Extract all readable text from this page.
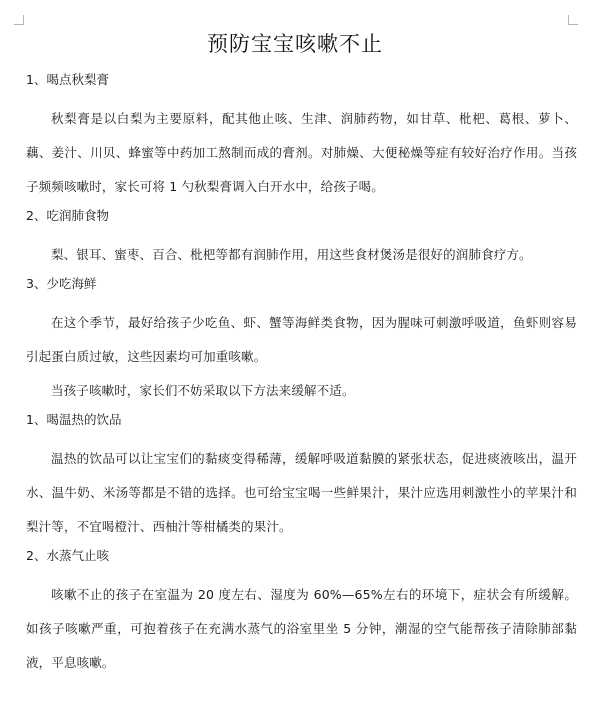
预防宝宝咳嗽不止
1、喝点秋梨膏
秋梨膏是以白梨为主要原料，配其他止咳、生津、润肺药物，如甘草、枇杷、葛根、萝卜、藕、姜汁、川贝、蜂蜜等中药加工熬制而成的膏剂。对肺燥、大便秘燥等症有较好治疗作用。当孩子频频咳嗽时，家长可将 1 勺秋梨膏调入白开水中，给孩子喝。
2、吃润肺食物
梨、银耳、蜜枣、百合、枇杷等都有润肺作用，用这些食材煲汤是很好的润肺食疗方。
3、少吃海鲜
在这个季节，最好给孩子少吃鱼、虾、蟹等海鲜类食物，因为腥味可刺激呼吸道，鱼虾则容易引起蛋白质过敏，这些因素均可加重咳嗽。
当孩子咳嗽时，家长们不妨采取以下方法来缓解不适。
1、喝温热的饮品
温热的饮品可以让宝宝们的黏痰变得稀薄，缓解呼吸道黏膜的紧张状态，促进痰液咳出，温开水、温牛奶、米汤等都是不错的选择。也可给宝宝喝一些鲜果汁，果汁应选用刺激性小的苹果汁和梨汁等，不宜喝橙汁、西柚汁等柑橘类的果汁。
2、水蒸气止咳
咳嗽不止的孩子在室温为 20 度左右、湿度为 60%—65%左右的环境下，症状会有所缓解。如孩子咳嗽严重，可抱着孩子在充满水蒸气的浴室里坐 5 分钟，潮湿的空气能帮孩子清除肺部黏液，平息咳嗽。
